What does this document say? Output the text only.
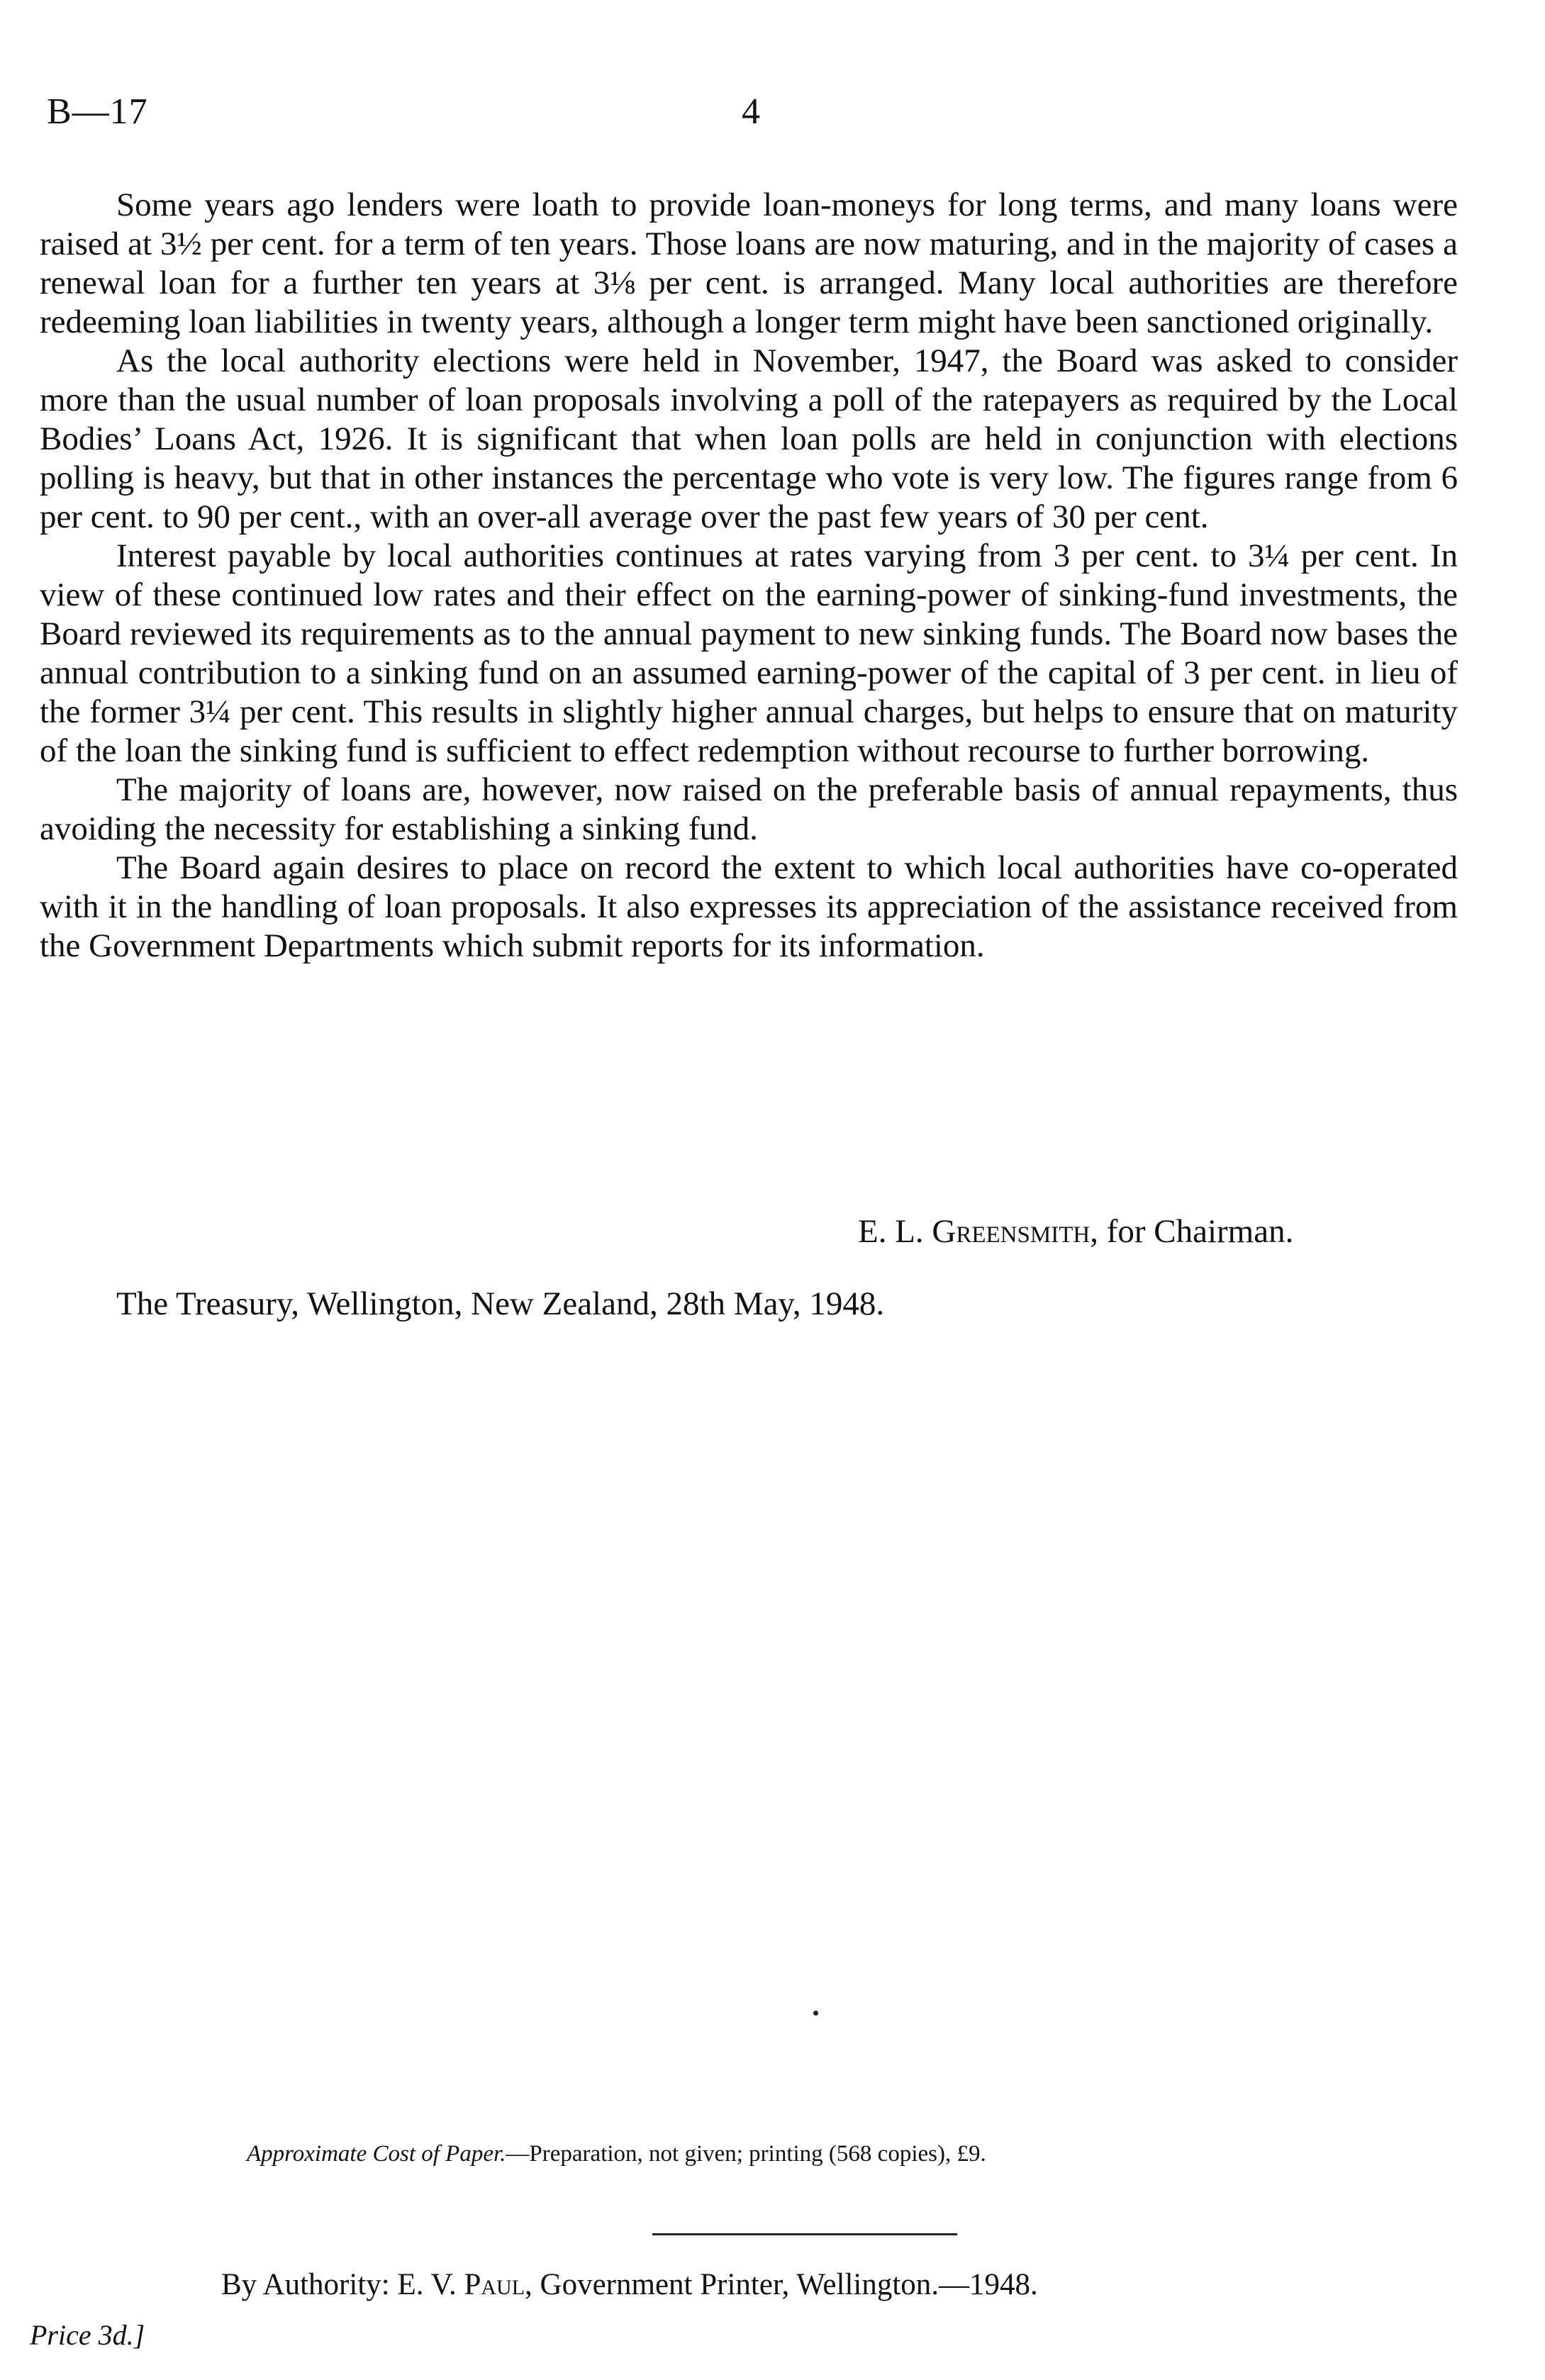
B—17	4

Some years ago lenders were loath to provide loan-moneys for long terms, and many loans were raised at 3½ per cent. for a term of ten years. Those loans are now maturing, and in the majority of cases a renewal loan for a further ten years at 3⅛ per cent. is arranged. Many local authorities are therefore redeeming loan liabilities in twenty years, although a longer term might have been sanctioned originally.

As the local authority elections were held in November, 1947, the Board was asked to consider more than the usual number of loan proposals involving a poll of the ratepayers as required by the Local Bodies’ Loans Act, 1926. It is significant that when loan polls are held in conjunction with elections polling is heavy, but that in other instances the percentage who vote is very low. The figures range from 6 per cent. to 90 per cent., with an over-all average over the past few years of 30 per cent.

Interest payable by local authorities continues at rates varying from 3 per cent. to 3¼ per cent. In view of these continued low rates and their effect on the earning-power of sinking-fund investments, the Board reviewed its requirements as to the annual payment to new sinking funds. The Board now bases the annual contribution to a sinking fund on an assumed earning-power of the capital of 3 per cent. in lieu of the former 3¼ per cent. This results in slightly higher annual charges, but helps to ensure that on maturity of the loan the sinking fund is sufficient to effect redemption without recourse to further borrowing.

The majority of loans are, however, now raised on the preferable basis of annual repayments, thus avoiding the necessity for establishing a sinking fund.

The Board again desires to place on record the extent to which local authorities have co-operated with it in the handling of loan proposals. It also expresses its appreciation of the assistance received from the Government Departments which submit reports for its information.

E. L. Greensmith, for Chairman.
The Treasury, Wellington, New Zealand, 28th May, 1948.
Approximate Cost of Paper.—Preparation, not given; printing (568 copies), £9.
By Authority: E. V. Paul, Government Printer, Wellington.—1948.
Price 3d.]
